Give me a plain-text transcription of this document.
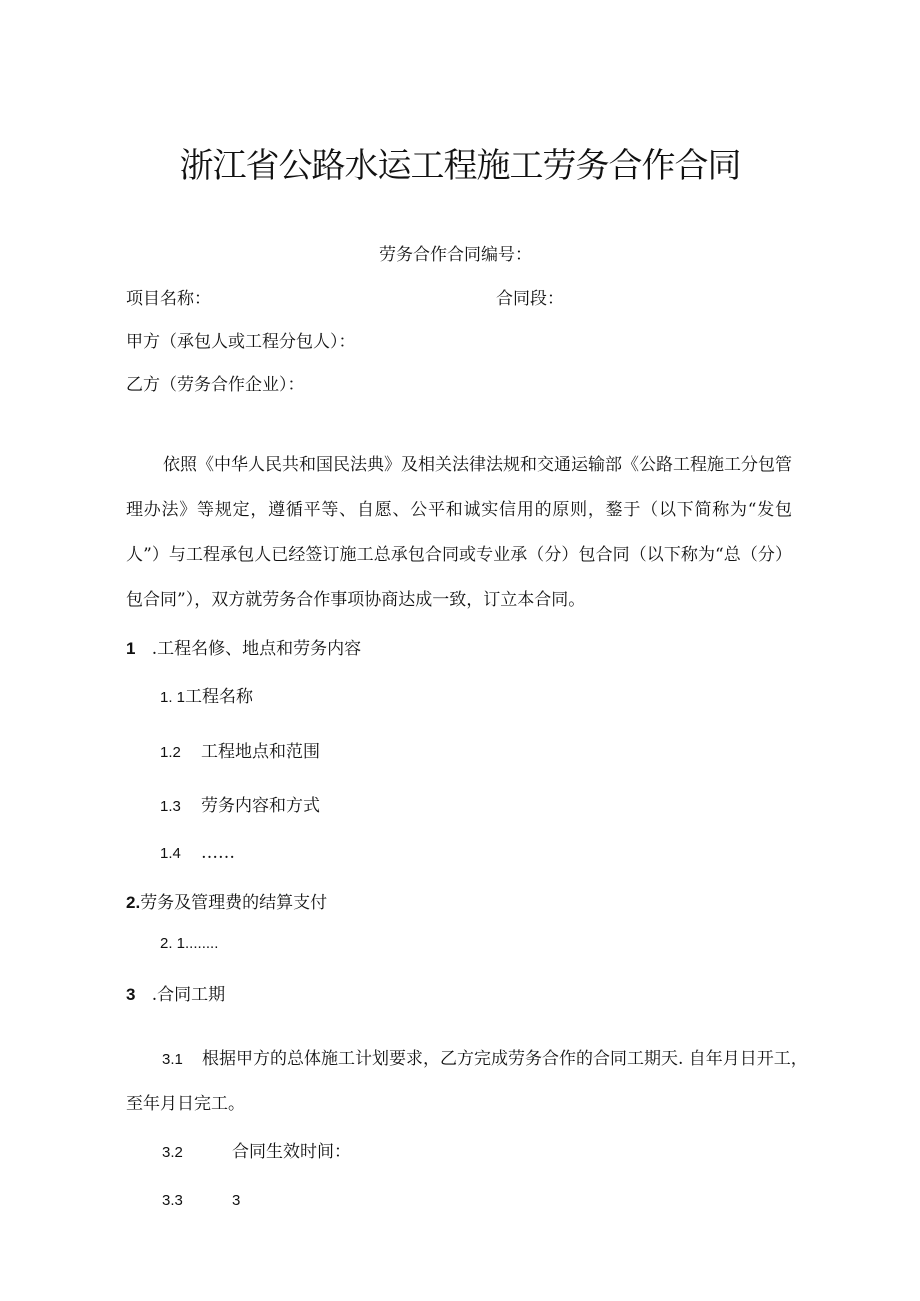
浙江省公路水运工程施工劳务合作合同
劳务合作合同编号：
项目名称：	合同段：
甲方（承包人或工程分包人）：
乙方（劳务合作企业）：

依照《中华人民共和国民法典》及相关法律法规和交通运输部《公路工程施工分包管理办法》等规定，遵循平等、自愿、公平和诚实信用的原则，鍪于（以下简称为“发包人”）与工程承包人已经签订施工总承包合同或专业承（分）包合同（以下称为“总（分）包合同”），双方就劳务合作事项协商达成一致，订立本合同。

1 .工程名修、地点和劳务内容
1. 1工程名称
1.2 工程地点和范围
1.3 劳务内容和方式
1.4 ……
2.劳务及管理费的结算支付
2. 1........
3 .合同工期
3.1 根据甲方的总体施工计划要求，乙方完成劳务合作的合同工期天. 自年月日开工，
至年月日完工。
3.2	合同生效时间：
3.3	3
